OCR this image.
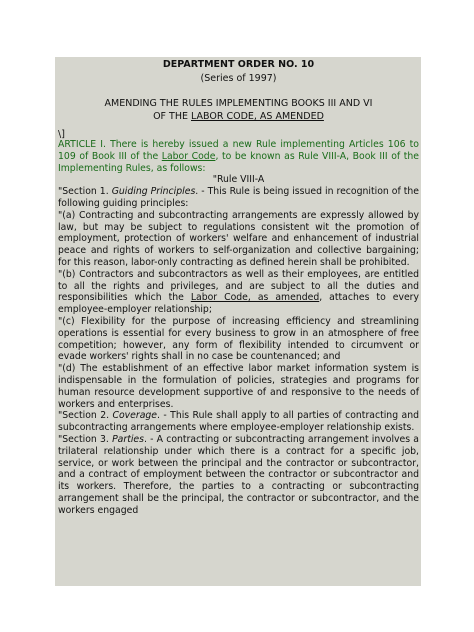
DEPARTMENT ORDER NO. 10
(Series of 1997)
AMENDING THE RULES IMPLEMENTING BOOKS III AND VI
OF THE LABOR CODE, AS AMENDED
\]

ARTICLE I. There is hereby issued a new Rule implementing Articles 106 to 109 of Book III of the Labor Code, to be known as Rule VIII-A, Book III of the Implementing Rules, as follows:

"Rule VIII-A

"Section 1. Guiding Principles. - This Rule is being issued in recognition of the following guiding principles:

"(a) Contracting and subcontracting arrangements are expressly allowed by law, but may be subject to regulations consistent wit the promotion of employment, protection of workers' welfare and enhancement of industrial peace and rights of workers to self-organization and collective bargaining; for this reason, labor-only contracting as defined herein shall be prohibited.

"(b) Contractors and subcontractors as well as their employees, are entitled to all the rights and privileges, and are subject to all the duties and responsibilities which the Labor Code, as amended, attaches to every employee-employer relationship;

"(c) Flexibility for the purpose of increasing efficiency and streamlining operations is essential for every business to grow in an atmosphere of free competition; however, any form of flexibility intended to circumvent or evade workers' rights shall in no case be countenanced; and

"(d) The establishment of an effective labor market information system is indispensable in the formulation of policies, strategies and programs for human resource development supportive of and responsive to the needs of workers and enterprises.

"Section 2. Coverage. - This Rule shall apply to all parties of contracting and subcontracting arrangements where employee-employer relationship exists.

"Section 3. Parties. - A contracting or subcontracting arrangement involves a trilateral relationship under which there is a contract for a specific job, service, or work between the principal and the contractor or subcontractor, and a contract of employment between the contractor or subcontractor and its workers. Therefore, the parties to a contracting or subcontracting arrangement shall be the principal, the contractor or subcontractor, and the workers engaged
